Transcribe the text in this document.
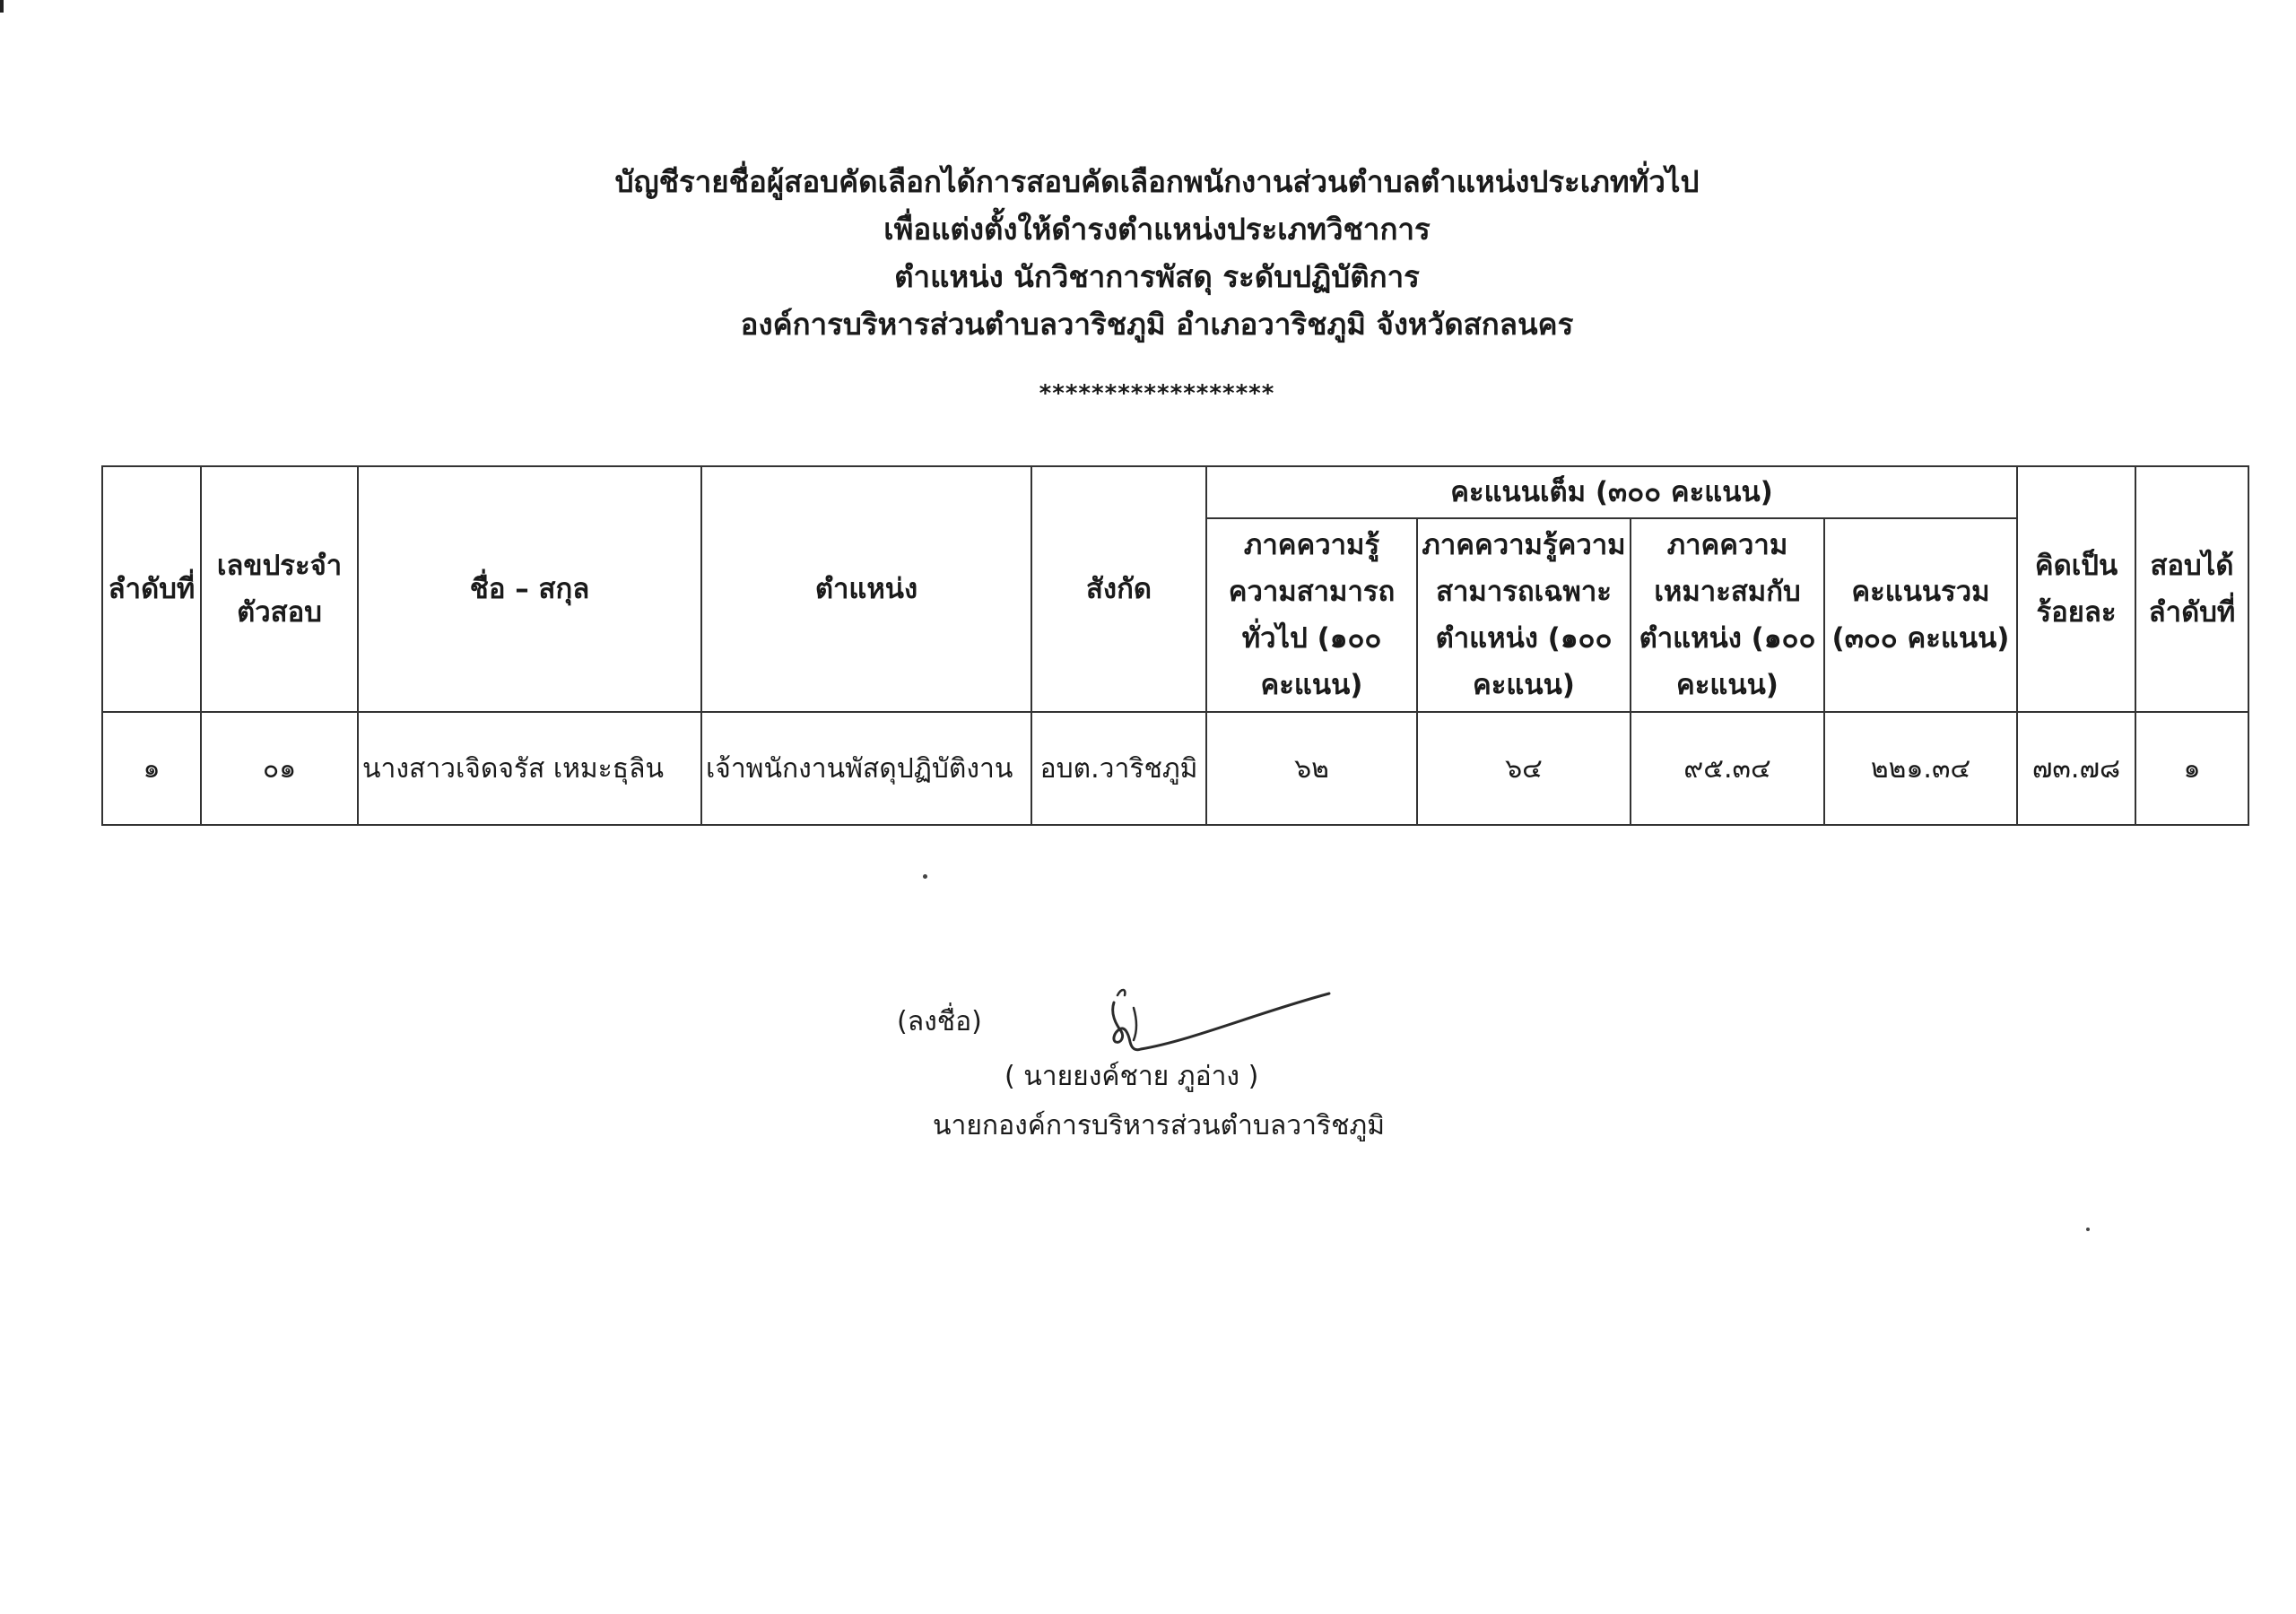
บัญชีรายชื่อผู้สอบคัดเลือกได้การสอบคัดเลือกพนักงานส่วนตำบลตำแหน่งประเภททั่วไป
เพื่อแต่งตั้งให้ดำรงตำแหน่งประเภทวิชาการ
ตำแหน่ง นักวิชาการพัสดุ ระดับปฏิบัติการ
องค์การบริหารส่วนตำบลวาริชภูมิ อำเภอวาริชภูมิ จังหวัดสกลนคร
******************
ลำดับที่	เลขประจำตัวสอบ	ชื่อ – สกุล	ตำแหน่ง	สังกัด	คะแนนเต็ม (๓๐๐ คะแนน)				คิดเป็นร้อยละ	สอบได้ลำดับที่
					ภาคความรู้ความสามารถทั่วไป (๑๐๐ คะแนน)	ภาคความรู้ความสามารถเฉพาะตำแหน่ง (๑๐๐ คะแนน)	ภาคความเหมาะสมกับตำแหน่ง (๑๐๐ คะแนน)	คะแนนรวม (๓๐๐ คะแนน)		
๑	๐๑	นางสาวเจิดจรัส เหมะธุลิน	เจ้าพนักงานพัสดุปฏิบัติงาน	อบต.วาริชภูมิ	๖๒	๖๔	๙๕.๓๔	๒๒๑.๓๔	๗๓.๗๘	๑
(ลงชื่อ)
( นายยงค์ชาย ภูอ่าง )
นายกองค์การบริหารส่วนตำบลวาริชภูมิ
